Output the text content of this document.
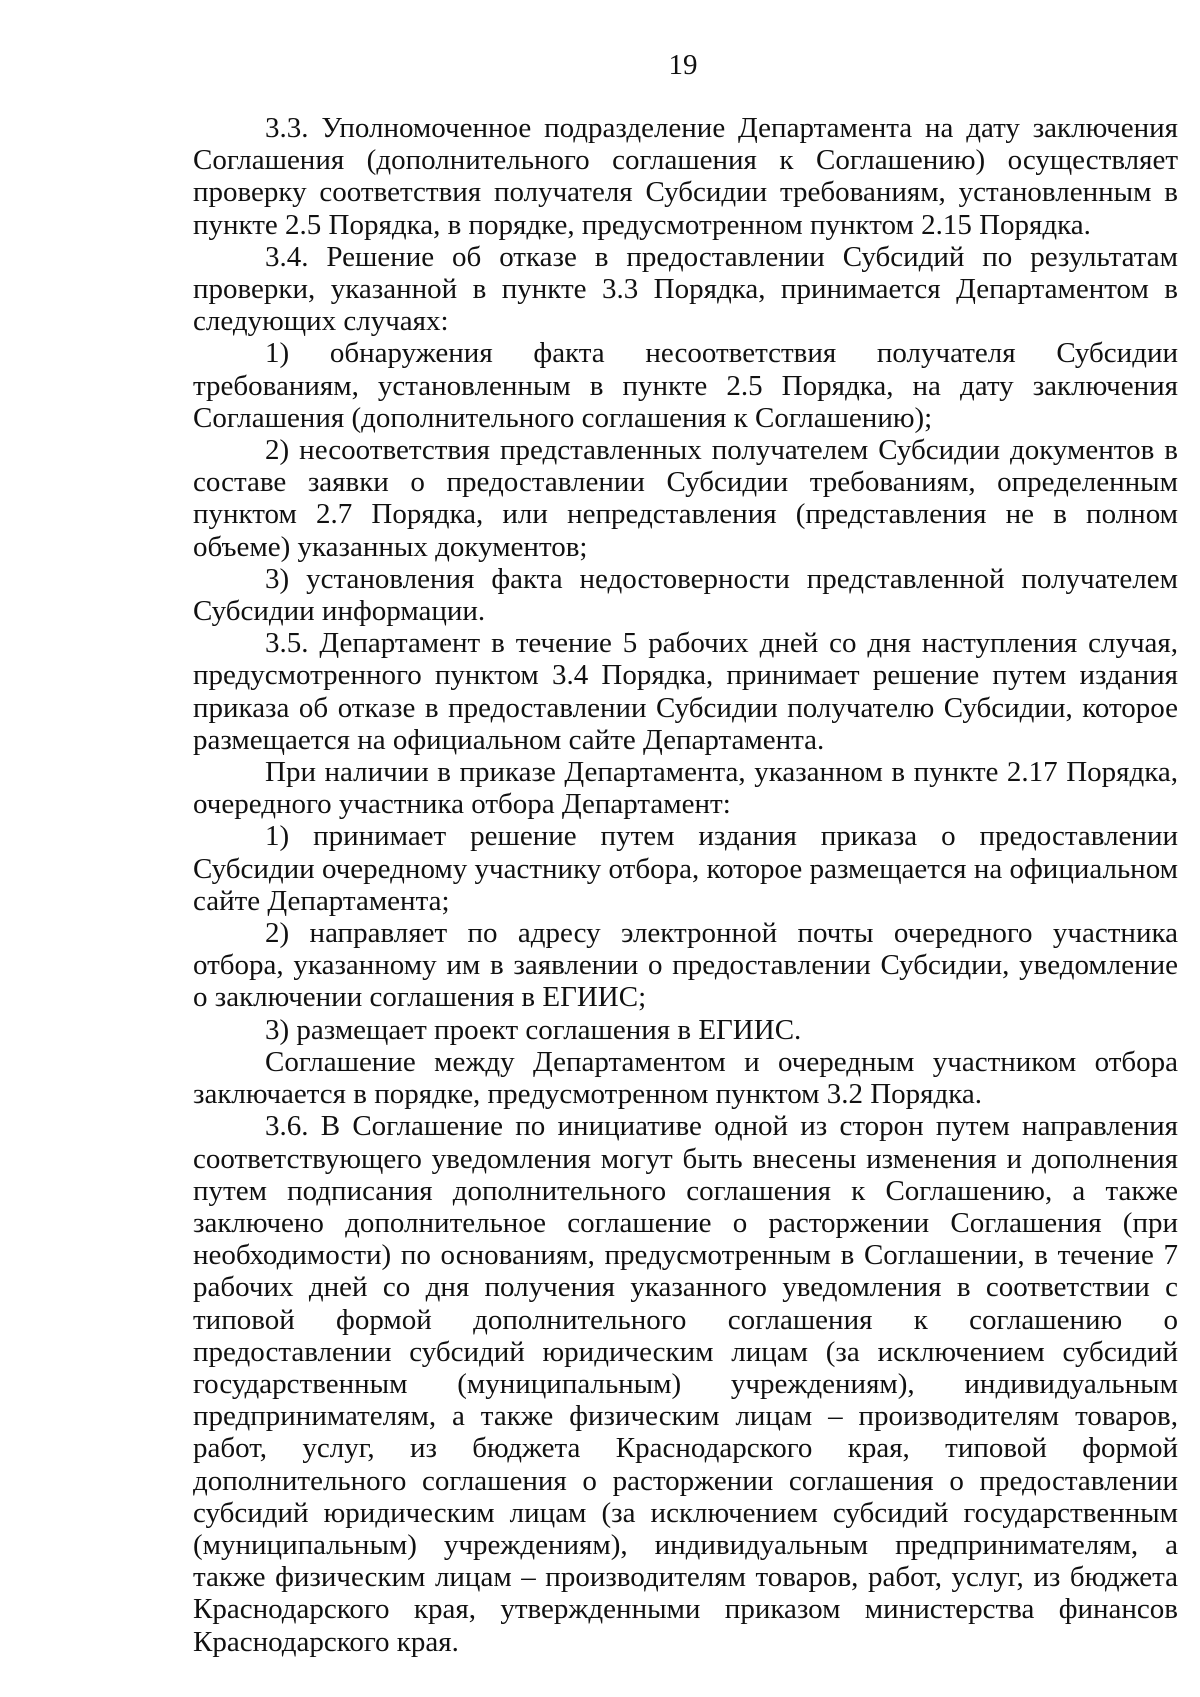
19

3.3. Уполномоченное подразделение Департамента на дату заключения Соглашения (дополнительного соглашения к Соглашению) осуществляет проверку соответствия получателя Субсидии требованиям, установленным в пункте 2.5 Порядка, в порядке, предусмотренном пунктом 2.15 Порядка.

3.4. Решение об отказе в предоставлении Субсидий по результатам проверки, указанной в пункте 3.3 Порядка, принимается Департаментом в следующих случаях:

1) обнаружения факта несоответствия получателя Субсидии требованиям, установленным в пункте 2.5 Порядка, на дату заключения Соглашения (дополнительного соглашения к Соглашению);

2) несоответствия представленных получателем Субсидии документов в составе заявки о предоставлении Субсидии требованиям, определенным пунктом 2.7 Порядка, или непредставления (представления не в полном объеме) указанных документов;

3) установления факта недостоверности представленной получателем Субсидии информации.

3.5. Департамент в течение 5 рабочих дней со дня наступления случая, предусмотренного пунктом 3.4 Порядка, принимает решение путем издания приказа об отказе в предоставлении Субсидии получателю Субсидии, которое размещается на официальном сайте Департамента.

При наличии в приказе Департамента, указанном в пункте 2.17 Порядка, очередного участника отбора Департамент:

1) принимает решение путем издания приказа о предоставлении Субсидии очередному участнику отбора, которое размещается на официальном сайте Департамента;

2) направляет по адресу электронной почты очередного участника отбора, указанному им в заявлении о предоставлении Субсидии, уведомление о заключении соглашения в ЕГИИС;

3) размещает проект соглашения в ЕГИИС.

Соглашение между Департаментом и очередным участником отбора заключается в порядке, предусмотренном пунктом 3.2 Порядка.

3.6. В Соглашение по инициативе одной из сторон путем направления соответствующего уведомления могут быть внесены изменения и дополнения путем подписания дополнительного соглашения к Соглашению, а также заключено дополнительное соглашение о расторжении Соглашения (при необходимости) по основаниям, предусмотренным в Соглашении, в течение 7 рабочих дней со дня получения указанного уведомления в соответствии с типовой формой дополнительного соглашения к соглашению о предоставлении субсидий юридическим лицам (за исключением субсидий государственным (муниципальным) учреждениям), индивидуальным предпринимателям, а также физическим лицам – производителям товаров, работ, услуг, из бюджета Краснодарского края, типовой формой дополнительного соглашения о расторжении соглашения о предоставлении субсидий юридическим лицам (за исключением субсидий государственным (муниципальным) учреждениям), индивидуальным предпринимателям, а также физическим лицам – производителям товаров, работ, услуг, из бюджета Краснодарского края, утвержденными приказом министерства финансов Краснодарского края.
